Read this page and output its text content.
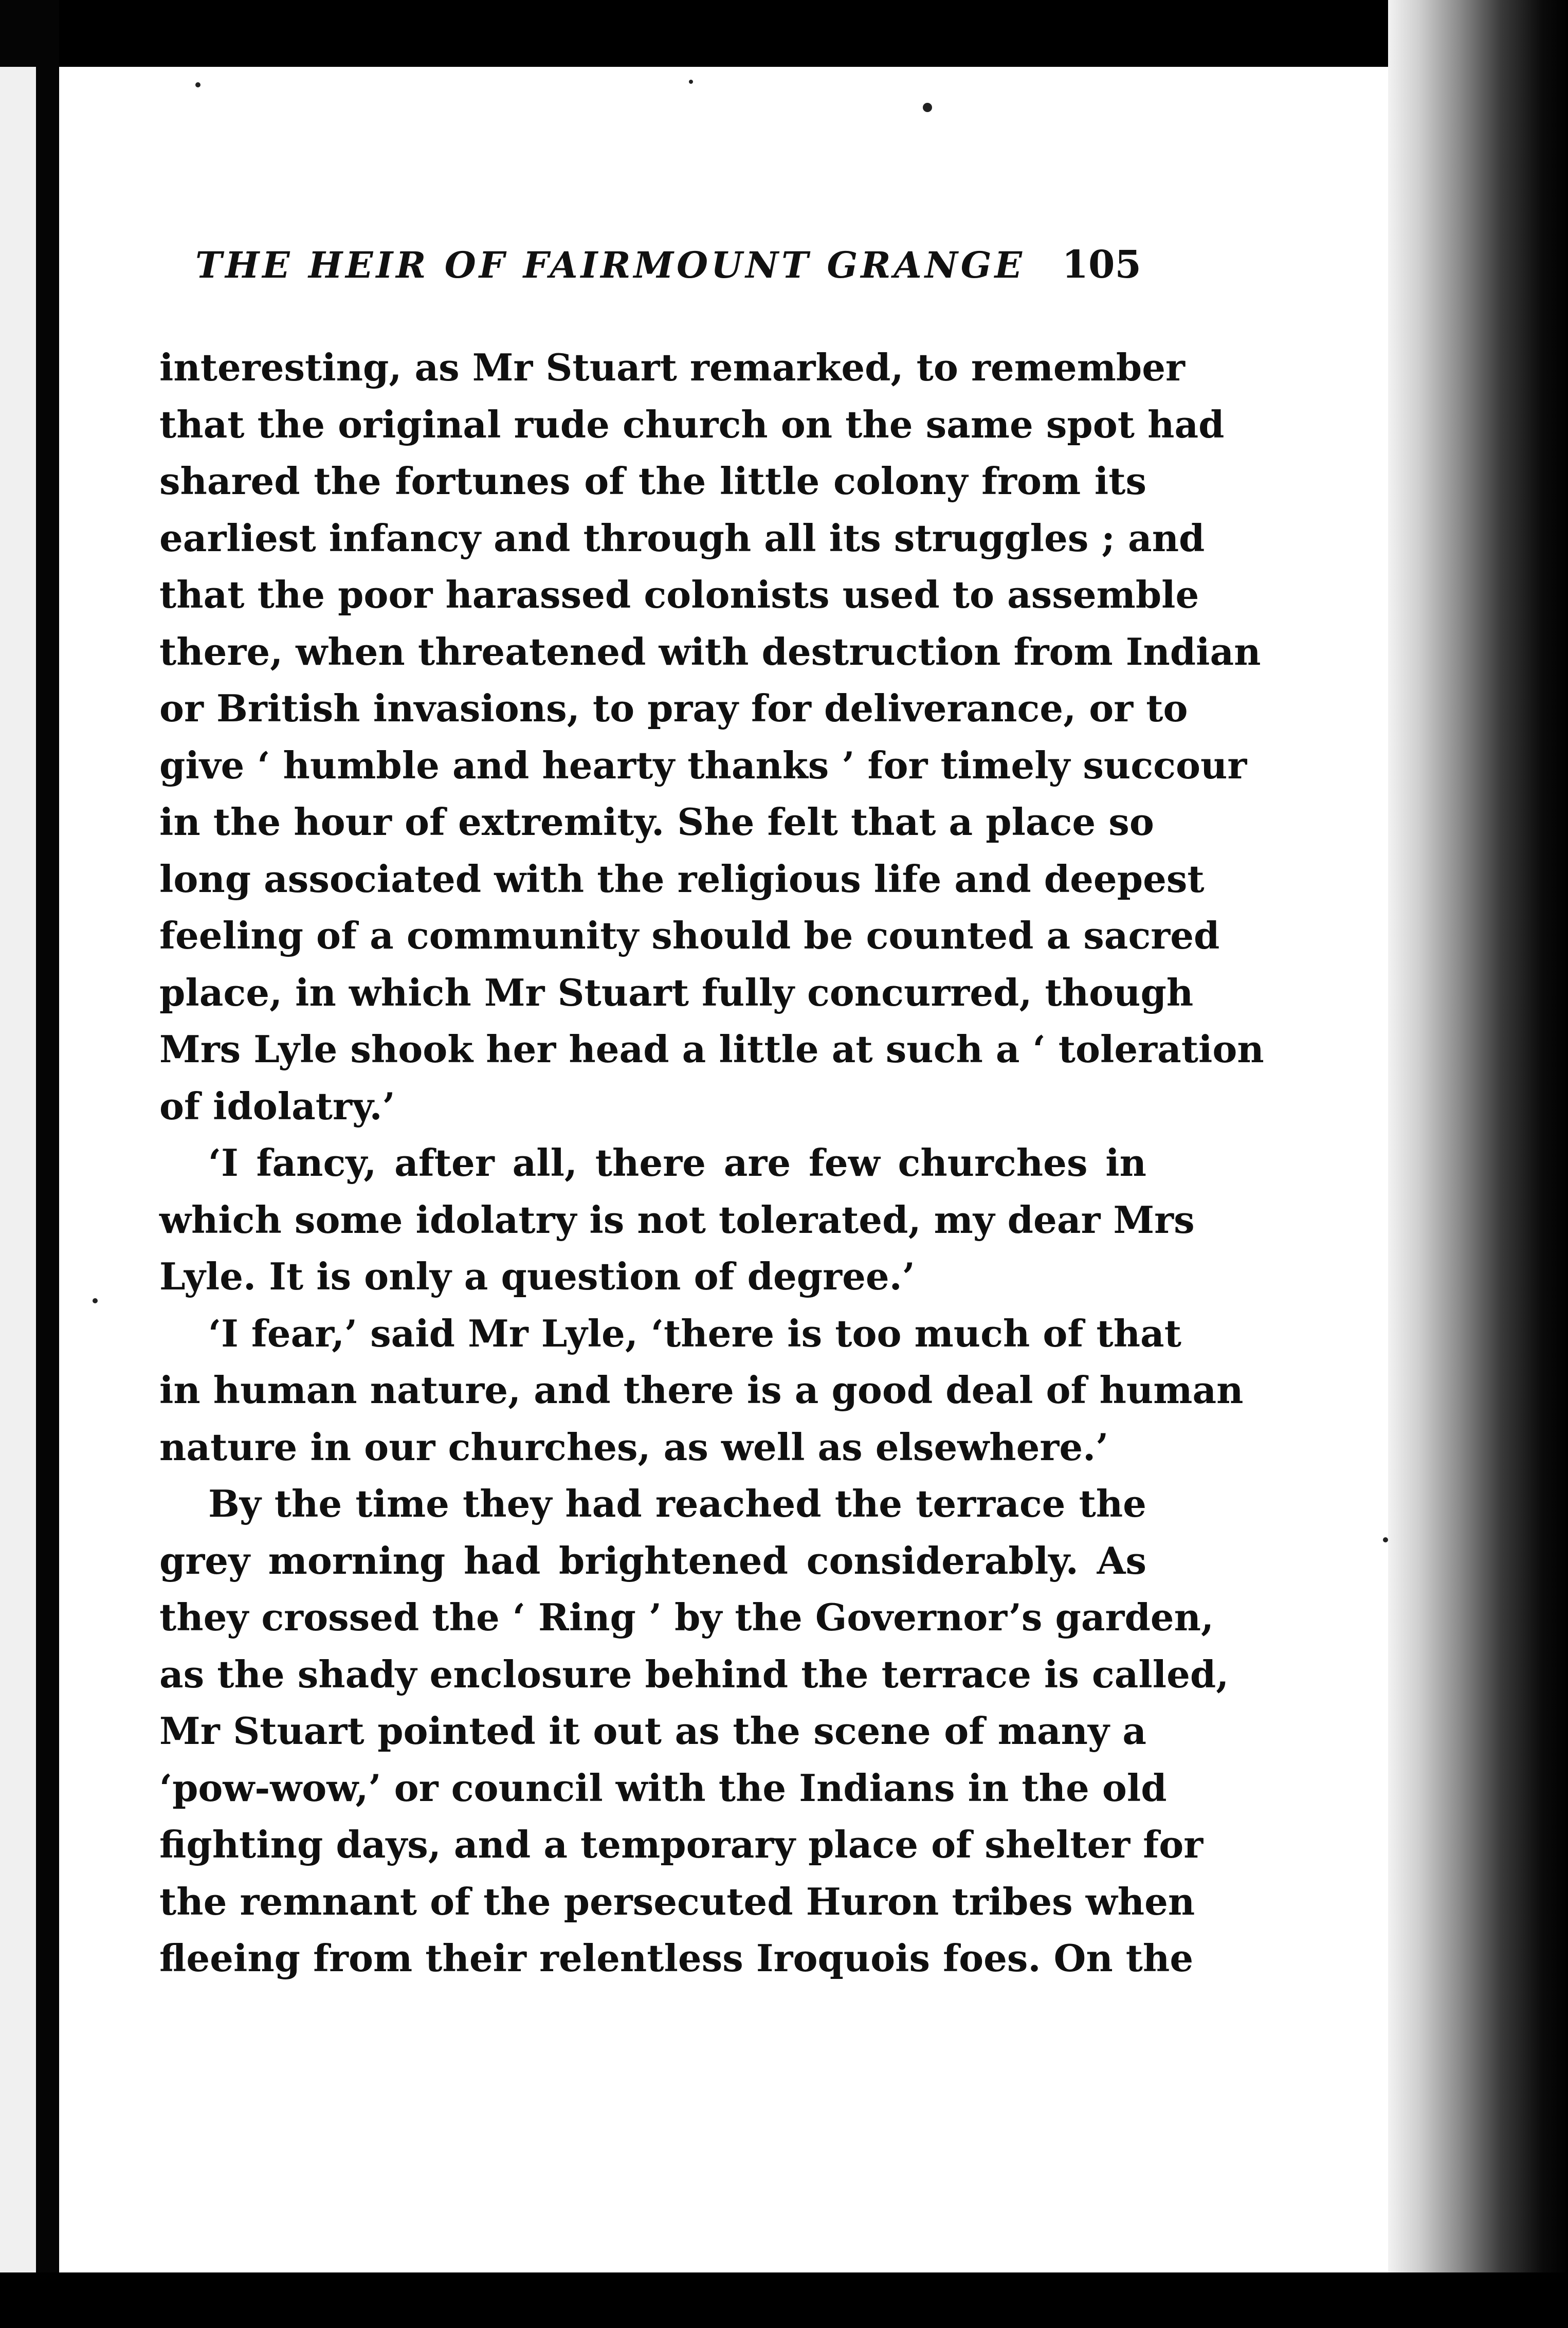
THE HEIR OF FAIRMOUNT GRANGE 105
interesting, as Mr Stuart remarked, to remember
that the original rude church on the same spot had
shared the fortunes of the little colony from its
earliest infancy and through all its struggles ; and
that the poor harassed colonists used to assemble
there, when threatened with destruction from Indian
or British invasions, to pray for deliverance, or to
give ‘ humble and hearty thanks ’ for timely succour
in the hour of extremity. She felt that a place so
long associated with the religious life and deepest
feeling of a community should be counted a sacred
place, in which Mr Stuart fully concurred, though
Mrs Lyle shook her head a little at such a ‘ toleration
of idolatry.’
‘I fancy, after all, there are few churches in
which some idolatry is not tolerated, my dear Mrs
Lyle. It is only a question of degree.’
‘I fear,’ said Mr Lyle, ‘there is too much of that
in human nature, and there is a good deal of human
nature in our churches, as well as elsewhere.’
By the time they had reached the terrace the
grey morning had brightened considerably. As
they crossed the ‘ Ring ’ by the Governor’s garden,
as the shady enclosure behind the terrace is called,
Mr Stuart pointed it out as the scene of many a
‘pow-wow,’ or council with the Indians in the old
fighting days, and a temporary place of shelter for
the remnant of the persecuted Huron tribes when
fleeing from their relentless Iroquois foes. On the
